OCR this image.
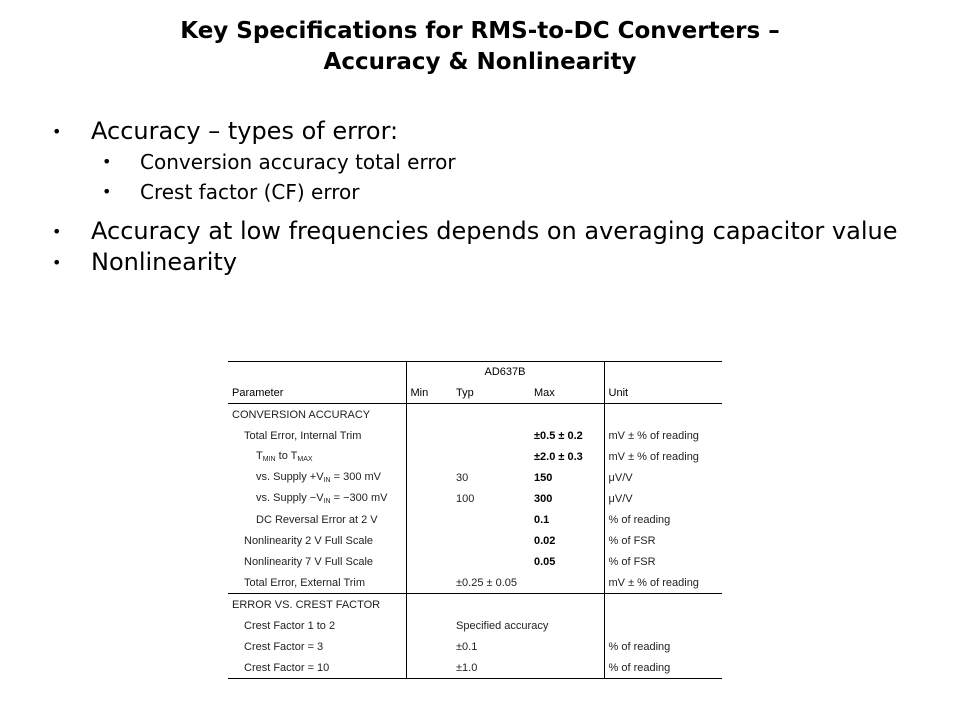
Key Specifications for RMS-to-DC Converters –
Accuracy & Nonlinearity
• Accuracy – types of error:
• Conversion accuracy total error
• Crest factor (CF) error
• Accuracy at low frequencies depends on averaging capacitor value
• Nonlinearity
	AD637B			
Parameter	Min	Typ	Max	Unit
CONVERSION ACCURACY				
Total Error, Internal Trim			±0.5 ± 0.2	mV ± % of reading
$T_{MIN}$ to $T_{MAX}$			±2.0 ± 0.3	mV ± % of reading
vs. Supply $+V_{IN} = 300$ mV		30	150	μV/V
vs. Supply $-V_{IN} = -300$ mV		100	300	μV/V
DC Reversal Error at 2 V			0.1	% of reading
Nonlinearity 2 V Full Scale			0.02	% of FSR
Nonlinearity 7 V Full Scale			0.05	% of FSR
Total Error, External Trim		±0.25 ± 0.05		mV ± % of reading
ERROR VS. CREST FACTOR				
Crest Factor 1 to 2		Specified accuracy		
Crest Factor = 3		±0.1		% of reading
Crest Factor = 10		±1.0		% of reading
